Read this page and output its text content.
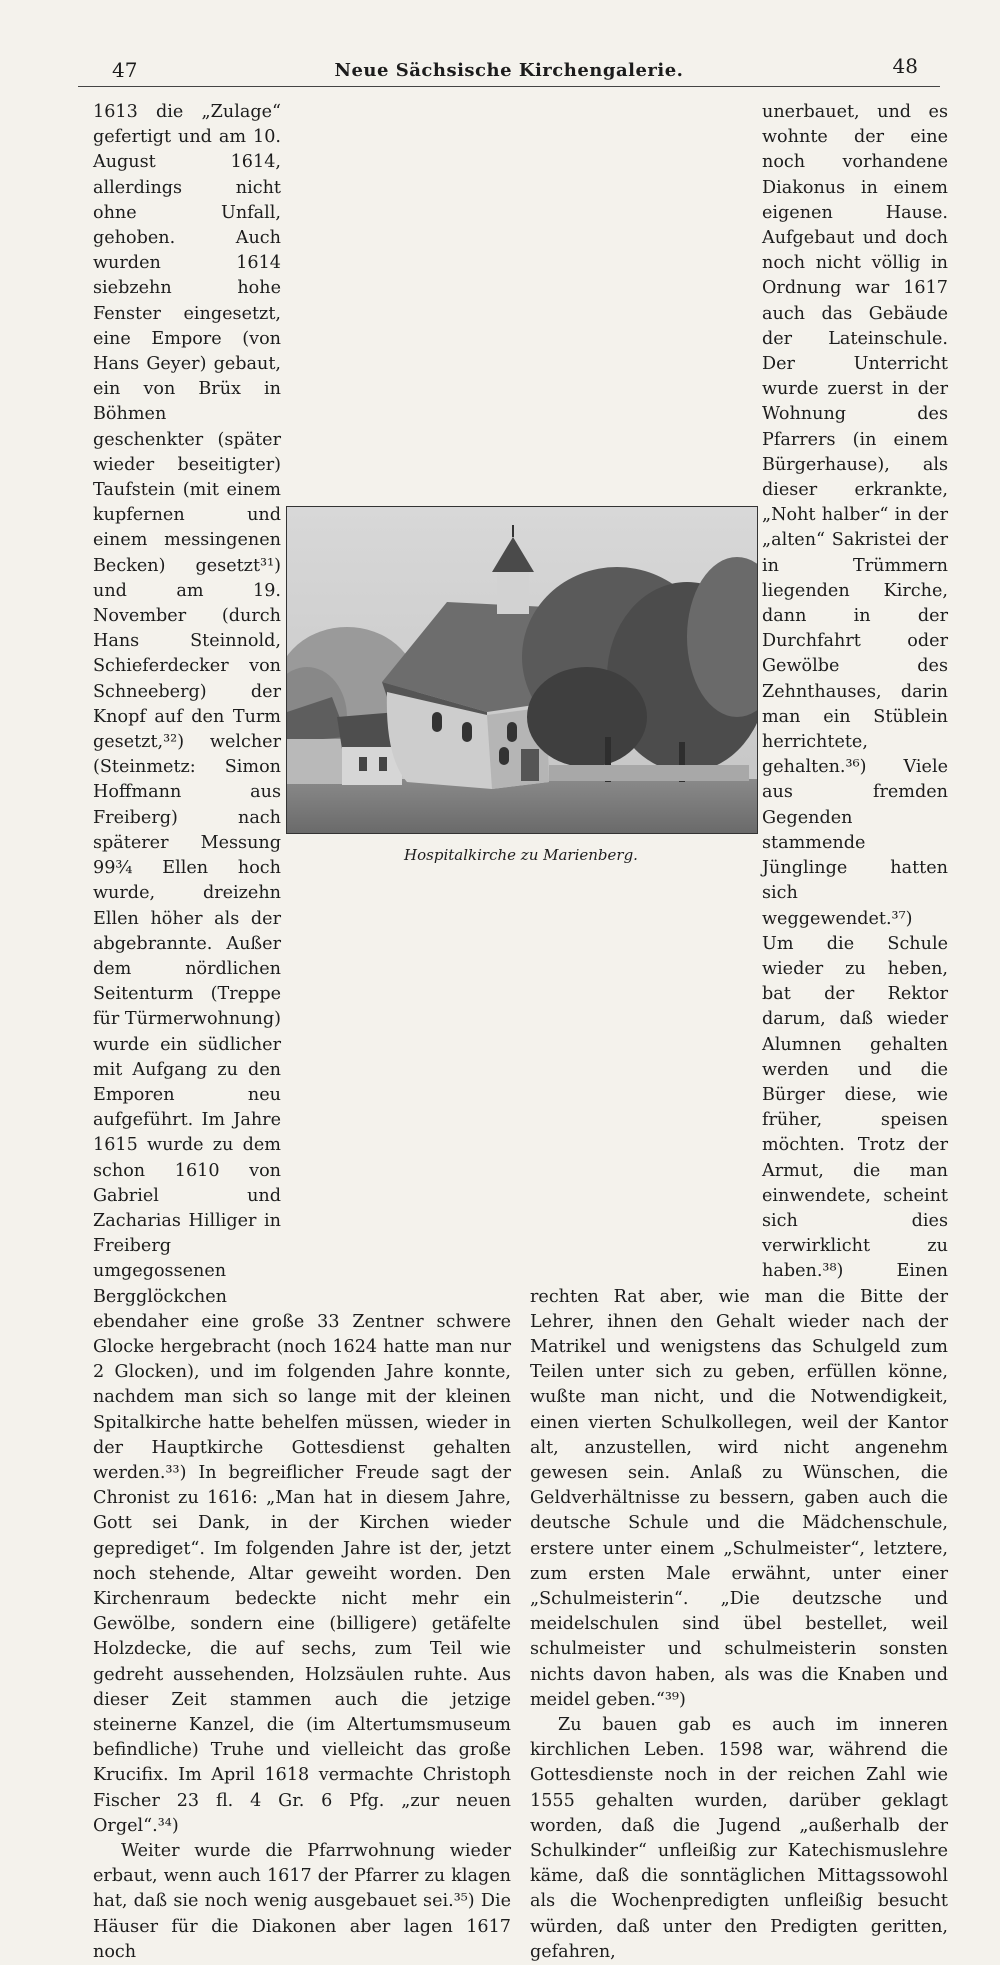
47	Neue Sächsische Kirchengalerie.	48

1613 die „Zulage“ gefertigt und am 10. August 1614, allerdings nicht ohne Unfall, gehoben. Auch wurden 1614 siebzehn hohe Fenster eingesetzt, eine Empore (von Hans Geyer) gebaut, ein von Brüx in Böhmen geschenkter (später wieder beseitigter) Taufstein (mit einem kupfernen und einem messingenen Becken) gesetzt³¹) und am 19. November (durch Hans Steinnold, Schieferdecker von Schneeberg) der Knopf auf den Turm gesetzt,³²) welcher (Steinmetz: Simon Hoffmann aus Freiberg) nach späterer Messung 99¾ Ellen hoch wurde, dreizehn Ellen höher als der abgebrannte. Außer dem nördlichen Seitenturm (Treppe für Türmerwohnung) wurde ein südlicher mit Aufgang zu den Emporen neu aufgeführt. Im Jahre 1615 wurde zu dem schon 1610 von Gabriel und Zacharias Hilliger in Freiberg umgegossenen Bergglöckchen ebendaher eine große 33 Zentner schwere Glocke hergebracht (noch 1624 hatte man nur 2 Glocken), und im folgenden Jahre konnte, nachdem man sich so lange mit der kleinen Spitalkirche hatte behelfen müssen, wieder in der Hauptkirche Gottesdienst gehalten werden.³³) In begreiflicher Freude sagt der Chronist zu 1616: „Man hat in diesem Jahre, Gott sei Dank, in der Kirchen wieder geprediget“. Im folgenden Jahre ist der, jetzt noch stehende, Altar geweiht worden. Den Kirchenraum bedeckte nicht mehr ein Gewölbe, sondern eine (billigere) getäfelte Holzdecke, die auf sechs, zum Teil wie gedreht aussehenden, Holzsäulen ruhte. Aus dieser Zeit stammen auch die jetzige steinerne Kanzel, die (im Altertumsmuseum befindliche) Truhe und vielleicht das große Krucifix. Im April 1618 vermachte Christoph Fischer 23 fl. 4 Gr. 6 Pfg. „zur neuen Orgel“.³⁴)

Weiter wurde die Pfarrwohnung wieder erbaut, wenn auch 1617 der Pfarrer zu klagen hat, daß sie noch wenig ausgebauet sei.³⁵) Die Häuser für die Diakonen aber lagen 1617 noch

unerbauet, und es wohnte der eine noch vorhandene Diakonus in einem eigenen Hause. Aufgebaut und doch noch nicht völlig in Ordnung war 1617 auch das Gebäude der Lateinschule. Der Unterricht wurde zuerst in der Wohnung des Pfarrers (in einem Bürgerhause), als dieser erkrankte, „Noht halber“ in der „alten“ Sakristei der in Trümmern liegenden Kirche, dann in der Durchfahrt oder Gewölbe des Zehnthauses, darin man ein Stüblein herrichtete, gehalten.³⁶) Viele aus fremden Gegenden stammende Jünglinge hatten sich weggewendet.³⁷) Um die Schule wieder zu heben, bat der Rektor darum, daß wieder Alumnen gehalten werden und die Bürger diese, wie früher, speisen möchten. Trotz der Armut, die man einwendete, scheint sich dies verwirklicht zu haben.³⁸) Einen rechten Rat aber, wie man die Bitte der Lehrer, ihnen den Gehalt wieder nach der Matrikel und wenigstens das Schulgeld zum Teilen unter sich zu geben, erfüllen könne, wußte man nicht, und die Notwendigkeit, einen vierten Schulkollegen, weil der Kantor alt, anzustellen, wird nicht angenehm gewesen sein. Anlaß zu Wünschen, die Geldverhältnisse zu bessern, gaben auch die deutsche Schule und die Mädchenschule, erstere unter einem „Schulmeister“, letztere, zum ersten Male erwähnt, unter einer „Schulmeisterin“. „Die deutzsche und meidelschulen sind übel bestellet, weil schulmeister und schulmeisterin sonsten nichts davon haben, als was die Knaben und meidel geben.“³⁹)

Zu bauen gab es auch im inneren kirchlichen Leben. 1598 war, während die Gottesdienste noch in der reichen Zahl wie 1555 gehalten wurden, darüber geklagt worden, daß die Jugend „außerhalb der Schulkinder“ unfleißig zur Katechismuslehre käme, daß die sonntäglichen Mittagssowohl als die Wochenpredigten unfleißig besucht würden, daß unter den Predigten geritten, gefahren,

Hospitalkirche zu Marienberg.
